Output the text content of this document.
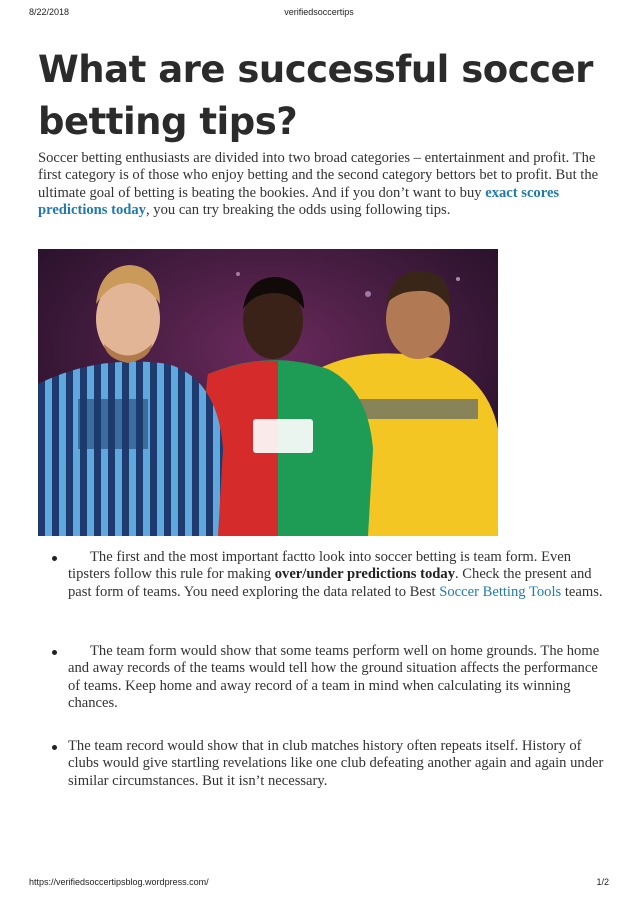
8/22/2018	verifiedsoccertips
What are successful soccer betting tips?

Soccer betting enthusiasts are divided into two broad categories – entertainment and profit. The first category is of those who enjoy betting and the second category bettors bet to profit. But the ultimate goal of betting is beating the bookies. And if you don’t want to buy exact scores predictions today, you can try breaking the odds using following tips.

The first and the most important factto look into soccer betting is team form. Even tipsters follow this rule for making over/under predictions today. Check the present and past form of teams. You need exploring the data related to Best Soccer Betting Tools teams.
The team form would show that some teams perform well on home grounds. The home and away records of the teams would tell how the ground situation affects the performance of teams. Keep home and away record of a team in mind when calculating its winning chances.
The team record would show that in club matches history often repeats itself. History of clubs would give startling revelations like one club defeating another again and again under similar circumstances. But it isn’t necessary.
https://verifiedsoccertipsblog.wordpress.com/	1/2
